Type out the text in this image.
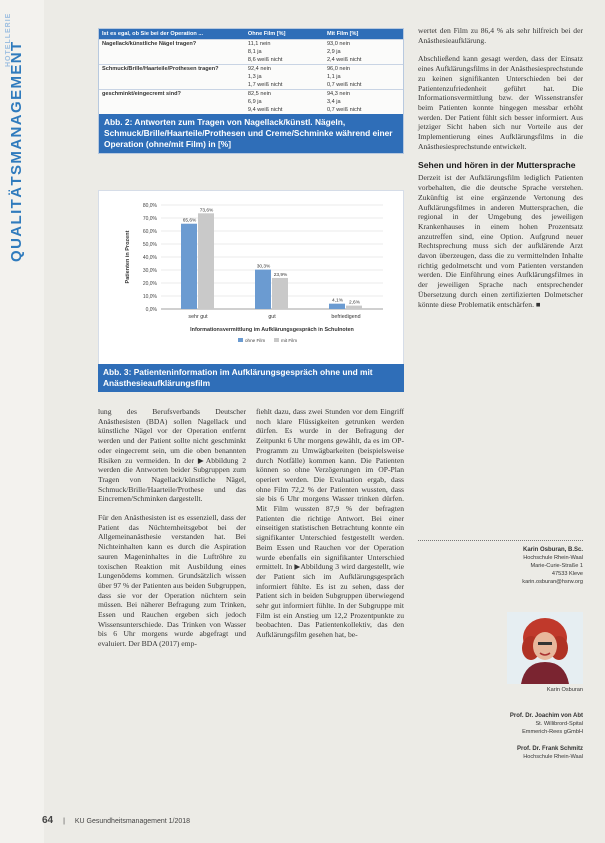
QUALITÄTSMANAGEMENT
HOTELLERIE	Ist es egal, ob Sie bei der Operation ...	Ohne Film [%]	Mit Film [%]
Nagellack/künstliche Nägel tragen?	11,1 nein	93,0 nein
	8,1 ja	2,9 ja
	8,6 weiß nicht	2,4 weiß nicht
Schmuck/Brille/Haarteile/Prothesen tragen?	92,4 nein	96,0 nein
	1,3 ja	1,1 ja
	1,7 weiß nicht	0,7 weiß nicht
geschminkt/eingecremt sind?	82,5 nein	94,3 nein
	6,9 ja	3,4 ja
	9,4 weiß nicht	0,7 weiß nicht
Abb. 2: Antworten zum Tragen von Nagellack/künstl. Nägeln, Schmuck/Brille/Haarteile/Prothesen und Creme/Schminke während einer Operation (ohne/mit Film) in [%]
0,0%
10,0%
20,0%
30,0%
40,0%
50,0%
60,0%
70,0%
80,0%
Patienten in Prozent
65,6%
73,6%
sehr gut
30,3%
23,9%
gut
4,1% 2,6%
befriedigend
Informationsvermittlung im Aufklärungsgespräch in Schulnoten
ohne Film	mit Film
Abb. 3: Patienteninformation im Aufklärungsgespräch ohne und mit Anästhesieaufklärungsfilm

lung des Berufsverbands Deutscher Anästhesisten (BDA) sollen Nagellack und künstliche Nägel vor der Operation entfernt werden und der Patient sollte nicht geschminkt oder eingecremt sein, um die oben benannten Risiken zu vermeiden. In der ▶Abbildung 2 werden die Antworten beider Subgruppen zum Tragen von Nagellack/künstliche Nägel, Schmuck/Brille/Haarteile/Prothese und das Eincremen/Schminken dargestellt.

Für den Anästhesisten ist es essenziell, dass der Patient das Nüchternheitsgebot bei der Allgemeinanästhesie verstanden hat. Bei Nichteinhalten kann es durch die Aspiration sauren Mageninhaltes in die Luftröhre zu toxischen Reaktion mit Ausbildung eines Lungenödems kommen. Grundsätzlich wissen über 97 % der Patienten aus beiden Subgruppen, dass sie vor der Operation nüchtern sein müssen. Bei näherer Befragung zum Trinken, Essen und Rauchen ergeben sich jedoch Wissensunterschiede. Das Trinken von Wasser bis 6 Uhr morgens wurde abgefragt und evaluiert. Der BDA (2017) emp-

fiehlt dazu, dass zwei Stunden vor dem Eingriff noch klare Flüssigkeiten getrunken werden dürfen. Es wurde in der Befragung der Zeitpunkt 6 Uhr morgens gewählt, da es im OP-Programm zu Umwägbarkeiten (beispielsweise durch Notfälle) kommen kann. Die Patienten können so ohne Verzögerungen im OP-Plan operiert werden. Die Evaluation ergab, dass ohne Film 72,2 % der Patienten wussten, dass sie bis 6 Uhr morgens Wasser trinken dürfen. Mit Film wussten 87,9 % der befragten Patienten die richtige Antwort. Bei einer einseitigen statistischen Betrachtung konnte ein signifikanter Unterschied festgestellt werden. Beim Essen und Rauchen vor der Operation wurde ebenfalls ein signifikanter Unterschied ermittelt. In ▶Abbildung 3 wird dargestellt, wie der Patient sich im Aufklärungsgespräch informiert fühlte. Es ist zu sehen, dass der Patient sich in beiden Subgruppen überwiegend sehr gut informiert fühlte. In der Subgruppe mit Film ist ein Anstieg um 12,2 Prozentpunkte zu beobachten. Das Patientenkollektiv, das den Aufklärungsfilm gesehen hat, be-

wertet den Film zu 86,4 % als sehr hilfreich bei der Anästhesieaufklärung.

Abschließend kann gesagt werden, dass der Einsatz eines Aufklärungsfilms in der Anästhesiesprechstunde zu keinen signifikanten Unterschieden bei der Patientenzufriedenheit geführt hat. Die Informationsvermittlung bzw. der Wissenstransfer beim Patienten konnte hingegen messbar erhöht werden. Der Patient fühlt sich besser informiert. Aus jetziger Sicht haben sich nur Vorteile aus der Implementierung eines Aufklärungsfilms in die Anästhesiesprechstunde entwickelt.

Sehen und hören in der Muttersprache

Derzeit ist der Aufklärungsfilm lediglich Patienten vorbehalten, die die deutsche Sprache verstehen. Zukünftig ist eine ergänzende Vertonung des Aufklärungsfilmes in anderen Muttersprachen, die regional in der Umgebung des jeweiligen Krankenhauses in einem hohen Prozentsatz anzutreffen sind, eine Option. Aufgrund neuer Rechtsprechung muss sich der aufklärende Arzt davon überzeugen, dass die zu vermittelnden Inhalte richtig gedolmetscht und vom Patienten verstanden werden. Die Einführung eines Aufklärungsfilmes in der jeweiligen Sprache nach entsprechender Übersetzung durch einen zertifizierten Dolmetscher könnte diese Problematik entschärfen. ■

Karin Osburan, B.Sc.
Hochschule Rhein-Waal
Marie-Curie-Straße 1
47533 Kleve
karin.osburan@hsrw.org
Karin Osburan
Prof. Dr. Joachim von Abt
St. Willibrord-Spital
Emmerich-Rees gGmbH
Prof. Dr. Frank Schmitz
Hochschule Rhein-Waal
64 | KU Gesundheitsmanagement 1/2018
